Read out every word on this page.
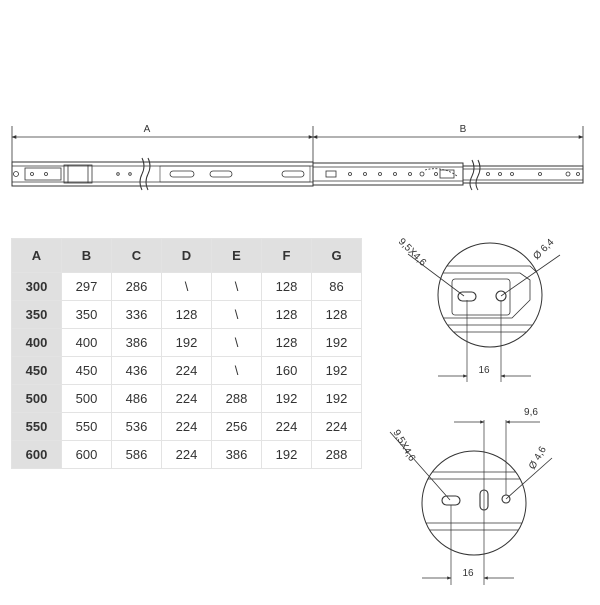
A	B
9,5X4,6	Ø 6,4
16
9,5X4,6	Ø 4,6
9,6
16
A	B	C	D	E	F	G
300	297	286	\	\	128	86
350	350	336	128	\	128	128
400	400	386	192	\	128	192
450	450	436	224	\	160	192
500	500	486	224	288	192	192
550	550	536	224	256	224	224
600	600	586	224	386	192	288
